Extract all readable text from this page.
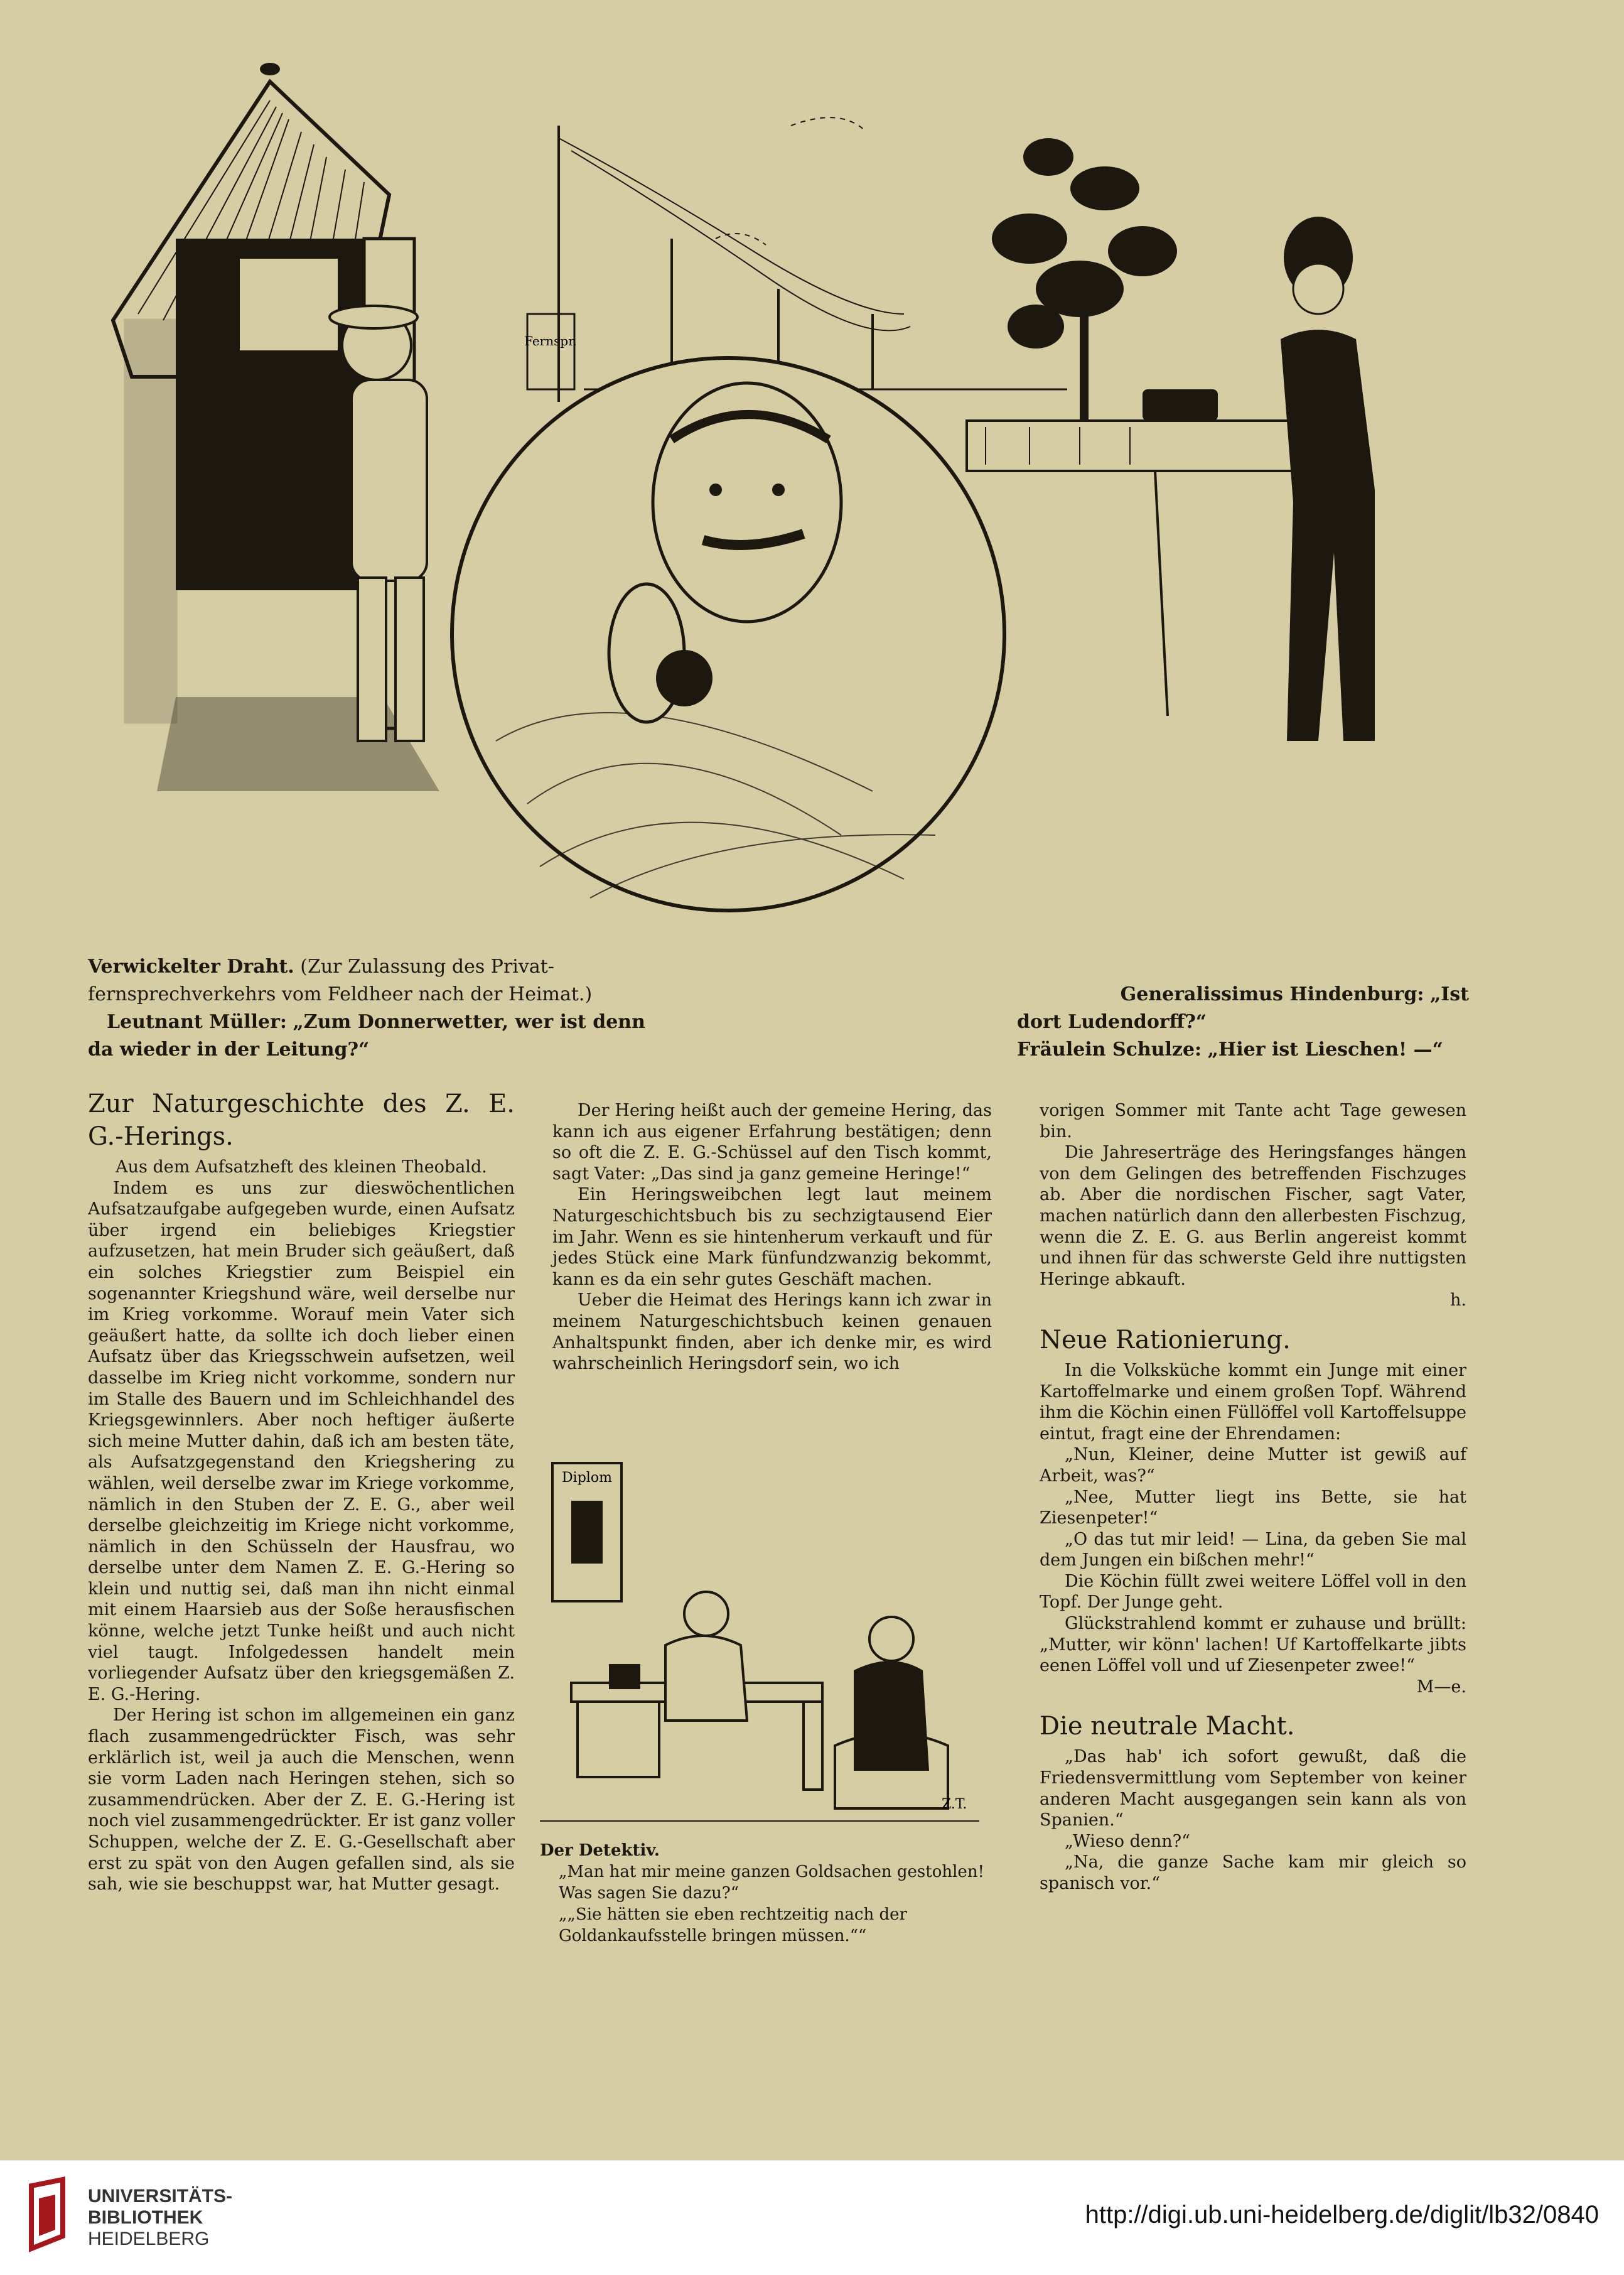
Fernspr.
Verwickelter Draht. (Zur Zulassung des Privat-
fernsprechverkehrs vom Feldheer nach der Heimat.)
Leutnant Müller: „Zum Donnerwetter, wer ist denn
da wieder in der Leitung?“
Generalissimus Hindenburg: „Ist
dort Ludendorff?“
Fräulein Schulze: „Hier ist Lieschen! —“
Zur Naturgeschichte des Z. E. G.-Herings.

Aus dem Aufsatzheft des kleinen Theobald.

Indem es uns zur dieswöchentlichen Aufsatzaufgabe aufgegeben wurde, einen Aufsatz über irgend ein beliebiges Kriegstier aufzusetzen, hat mein Bruder sich geäußert, daß ein solches Kriegstier zum Beispiel ein sogenannter Kriegshund wäre, weil derselbe nur im Krieg vorkomme. Worauf mein Vater sich geäußert hatte, da sollte ich doch lieber einen Aufsatz über das Kriegsschwein aufsetzen, weil dasselbe im Krieg nicht vorkomme, sondern nur im Stalle des Bauern und im Schleichhandel des Kriegsgewinnlers. Aber noch heftiger äußerte sich meine Mutter dahin, daß ich am besten täte, als Aufsatzgegenstand den Kriegshering zu wählen, weil derselbe zwar im Kriege vorkomme, nämlich in den Stuben der Z. E. G., aber weil derselbe gleichzeitig im Kriege nicht vorkomme, nämlich in den Schüsseln der Hausfrau, wo derselbe unter dem Namen Z. E. G.-Hering so klein und nuttig sei, daß man ihn nicht einmal mit einem Haarsieb aus der Soße herausfischen könne, welche jetzt Tunke heißt und auch nicht viel taugt. Infolgedessen handelt mein vorliegender Aufsatz über den kriegsgemäßen Z. E. G.-Hering.

Der Hering ist schon im allgemeinen ein ganz flach zusammengedrückter Fisch, was sehr erklärlich ist, weil ja auch die Menschen, wenn sie vorm Laden nach Heringen stehen, sich so zusammendrücken. Aber der Z. E. G.-Hering ist noch viel zusammengedrückter. Er ist ganz voller Schuppen, welche der Z. E. G.-Gesellschaft aber erst zu spät von den Augen gefallen sind, als sie sah, wie sie beschuppst war, hat Mutter gesagt.

Der Hering heißt auch der gemeine Hering, das kann ich aus eigener Erfahrung bestätigen; denn so oft die Z. E. G.-Schüssel auf den Tisch kommt, sagt Vater: „Das sind ja ganz gemeine Heringe!“

Ein Heringsweibchen legt laut meinem Naturgeschichtsbuch bis zu sechzigtausend Eier im Jahr. Wenn es sie hintenherum verkauft und für jedes Stück eine Mark fünfundzwanzig bekommt, kann es da ein sehr gutes Geschäft machen.

Ueber die Heimat des Herings kann ich zwar in meinem Naturgeschichtsbuch keinen genauen Anhaltspunkt finden, aber ich denke mir, es wird wahrscheinlich Heringsdorf sein, wo ich

Diplom
Z.T.
Der Detektiv.
„Man hat mir meine ganzen Goldsachen gestohlen! Was sagen Sie dazu?“
„„Sie hätten sie eben rechtzeitig nach der Goldankaufsstelle bringen müssen.““

vorigen Sommer mit Tante acht Tage gewesen bin.

Die Jahreserträge des Heringsfanges hängen von dem Gelingen des betreffenden Fischzuges ab. Aber die nordischen Fischer, sagt Vater, machen natürlich dann den allerbesten Fischzug, wenn die Z. E. G. aus Berlin angereist kommt und ihnen für das schwerste Geld ihre nuttigsten Heringe abkauft.

h.

Neue Rationierung.

In die Volksküche kommt ein Junge mit einer Kartoffelmarke und einem großen Topf. Während ihm die Köchin einen Füllöffel voll Kartoffelsuppe eintut, fragt eine der Ehrendamen:

„Nun, Kleiner, deine Mutter ist gewiß auf Arbeit, was?“

„Nee, Mutter liegt ins Bette, sie hat Ziesenpeter!“

„O das tut mir leid! — Lina, da geben Sie mal dem Jungen ein bißchen mehr!“

Die Köchin füllt zwei weitere Löffel voll in den Topf. Der Junge geht.

Glückstrahlend kommt er zuhause und brüllt: „Mutter, wir könn' lachen! Uf Kartoffelkarte jibts eenen Löffel voll und uf Ziesenpeter zwee!“

M—e.

Die neutrale Macht.

„Das hab' ich sofort gewußt, daß die Friedensvermittlung vom September von keiner anderen Macht ausgegangen sein kann als von Spanien.“

„Wieso denn?“

„Na, die ganze Sache kam mir gleich so spanisch vor.“

UNIVERSITÄTS-
BIBLIOTHEK
HEIDELBERG
http://digi.ub.uni-heidelberg.de/diglit/lb32/0840
